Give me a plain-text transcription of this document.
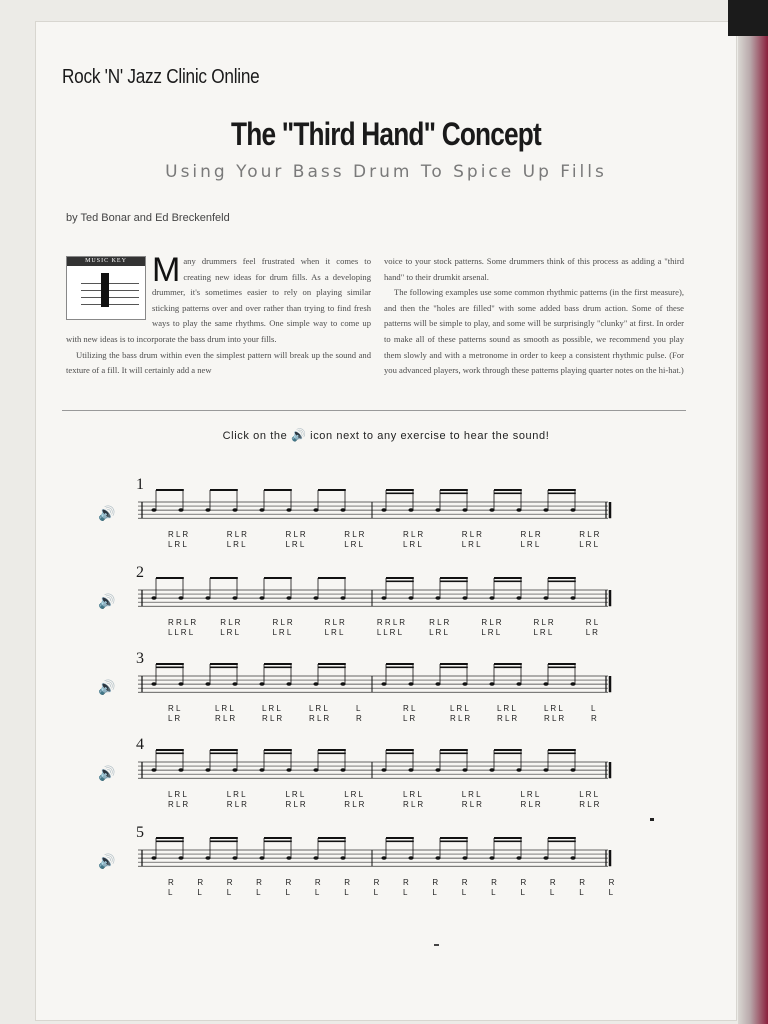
Rock 'N' Jazz Clinic Online
The "Third Hand" Concept
Using Your Bass Drum To Spice Up Fills
by Ted Bonar and Ed Breckenfeld
MUSIC KEY Many drummers feel frustrated when it comes to creating new ideas for drum fills. As a developing drummer, it's sometimes easier to rely on playing similar sticking patterns over and over rather than trying to find fresh ways to play the same rhythms. One simple way to come up with new ideas is to incorporate the bass drum into your fills.

Utilizing the bass drum within even the simplest pattern will break up the sound and texture of a fill. It will certainly add a new

voice to your stock patterns. Some drummers think of this process as adding a "third hand" to their drumkit arsenal.

The following examples use some common rhythmic patterns (in the first measure), and then the "holes are filled" with some added bass drum action. Some of these patterns will be simple to play, and some will be surprisingly "clunky" at first. In order to make all of these patterns sound as smooth as possible, we recommend you play them slowly and with a metronome in order to keep a consistent rhythmic pulse. (For you advanced players, work through these patterns playing quarter notes on the hi-hat.)

Click on the 🔊 icon next to any exercise to hear the sound!
1
🔊
R L R	R L R	R L R	R L R	R L R	R L R	R L R	R L R
L R L	L R L	L R L	L R L	L R L	L R L	L R L	L R L
2
🔊
R R L R	R L R	R L R	R L R	R R L R	R L R	R L R	R L R	R L
L L R L	L R L	L R L	L R L	L L R L	L R L	L R L	L R L	L R
3
🔊
R L	L R L	L R L	L R L	L	R L	L R L	L R L	L R L	L
L R	R L R	R L R	R L R	R	L R	R L R	R L R	R L R	R
4
🔊
L R L	L R L	L R L	L R L	L R L	L R L	L R L	L R L
R L R	R L R	R L R	R L R	R L R	R L R	R L R	R L R
5
🔊
R	R	R	R	R	R	R	R	R	R	R	R	R	R	R	R
L	L	L	L	L	L	L	L	L	L	L	L	L	L	L	L
